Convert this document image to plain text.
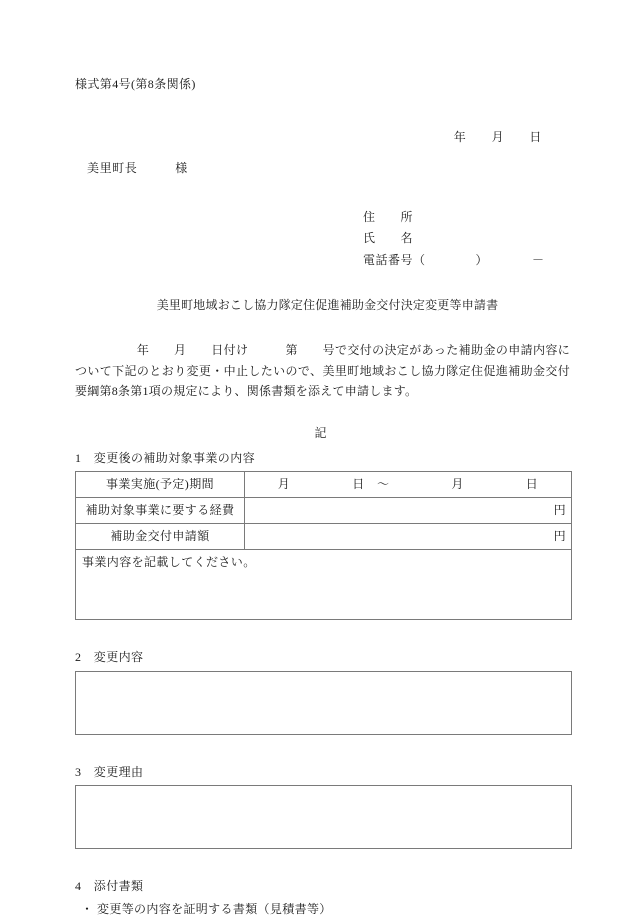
様式第4号(第8条関係)
年　　月　　日
美里町長　　　様
住　　所
氏　　名
電話番号（　　　　）　　　　－
美里町地域おこし協力隊定住促進補助金交付決定変更等申請書

　　　　　年　　月　　日付け　　　第　　号で交付の決定があった補助金の申請内容について下記のとおり変更・中止したいので、美里町地域おこし協力隊定住促進補助金交付要綱第8条第1項の規定により、関係書類を添えて申請します。

記
1　変更後の補助対象事業の内容
事業実施(予定)期間	月　　　　　日　～　　　　　月　　　　　日
補助対象事業に要する経費	円
補助金交付申請額	円
事業内容を記載してください。	
2　変更内容
3　変更理由
4　添付書類
・ 変更等の内容を証明する書類（見積書等）
